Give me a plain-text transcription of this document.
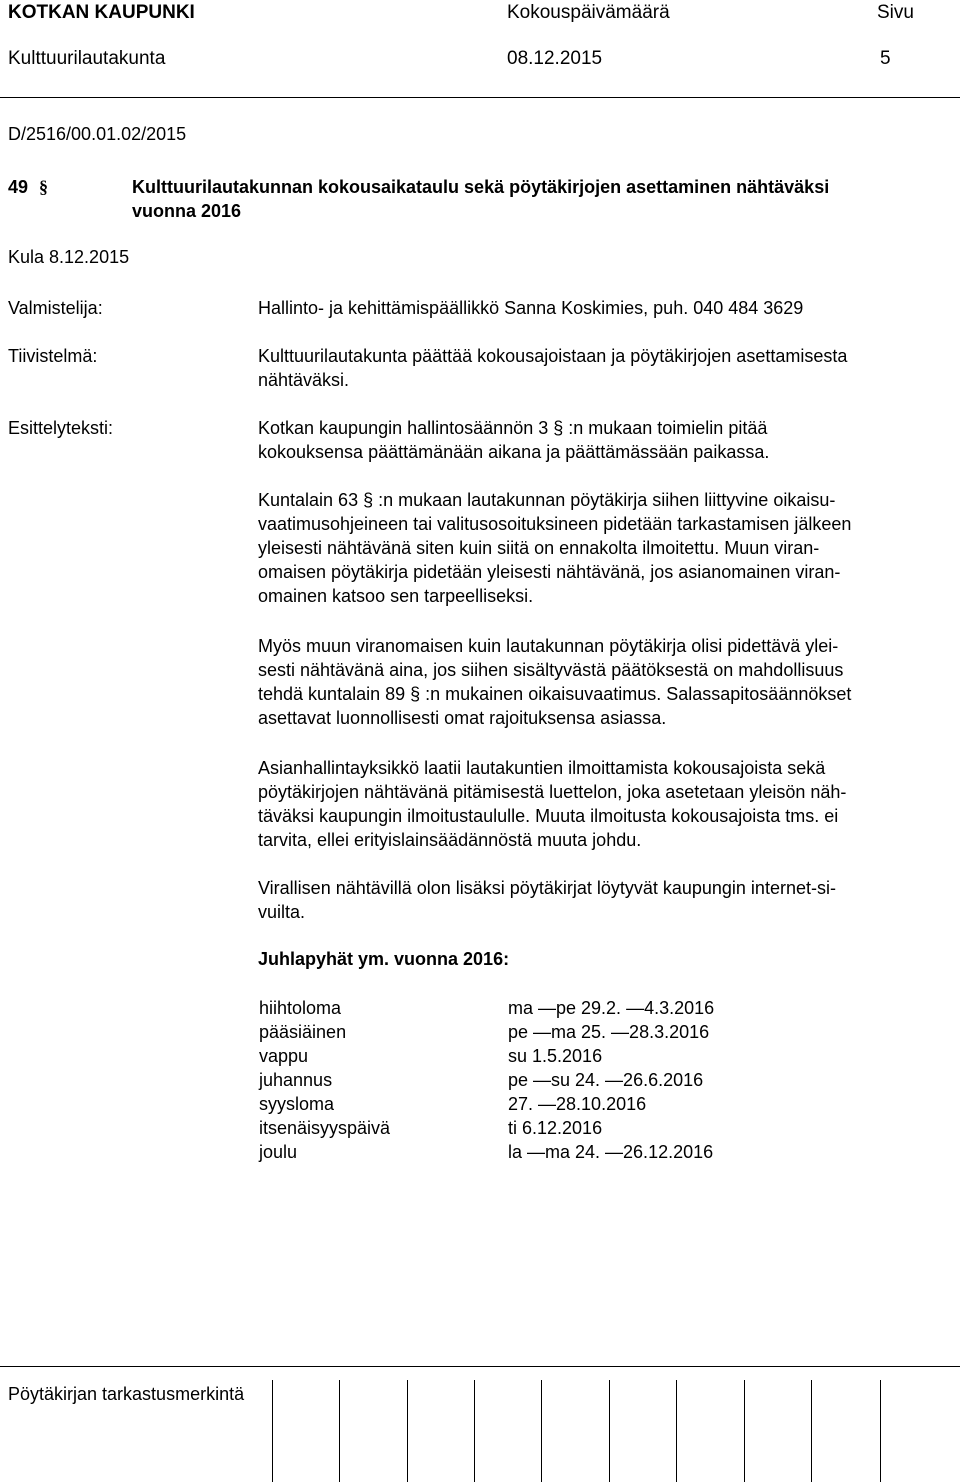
KOTKAN KAUPUNKI	Kokouspäivämäärä	Sivu
Kulttuurilautakunta	08.12.2015	5
D/2516/00.01.02/2015
49 §	Kulttuurilautakunnan kokousaikataulu sekä pöytäkirjojen asettaminen nähtäväksi
vuonna 2016
Kula 8.12.2015
Valmistelija:	Hallinto- ja kehittämispäällikkö Sanna Koskimies, puh. 040 484 3629
Tiivistelmä:	Kulttuurilautakunta päättää kokousajoistaan ja pöytäkirjojen asettamisesta
nähtäväksi.
Esittelyteksti:	Kotkan kaupungin hallintosäännön 3 § :n mukaan toimielin pitää
kokouksensa päättämänään aikana ja päättämässään paikassa.
Kuntalain 63 § :n mukaan lautakunnan pöytäkirja siihen liittyvine oikaisu-
vaatimusohjeineen tai valitusosoituksineen pidetään tarkastamisen jälkeen
yleisesti nähtävänä siten kuin siitä on ennakolta ilmoitettu. Muun viran-
omaisen pöytäkirja pidetään yleisesti nähtävänä, jos asianomainen viran-
omainen katsoo sen tarpeelliseksi.
Myös muun viranomaisen kuin lautakunnan pöytäkirja olisi pidettävä ylei-
sesti nähtävänä aina, jos siihen sisältyvästä päätöksestä on mahdollisuus
tehdä kuntalain 89 § :n mukainen oikaisuvaatimus. Salassapitosäännökset
asettavat luonnollisesti omat rajoituksensa asiassa.
Asianhallintayksikkö laatii lautakuntien ilmoittamista kokousajoista sekä
pöytäkirjojen nähtävänä pitämisestä luettelon, joka asetetaan yleisön näh-
täväksi kaupungin ilmoitustaululle. Muuta ilmoitusta kokousajoista tms. ei
tarvita, ellei erityislainsäädännöstä muuta johdu.
Virallisen nähtävillä olon lisäksi pöytäkirjat löytyvät kaupungin internet-si-
vuilta.
Juhlapyhät ym. vuonna 2016:
hiihtoloma	ma —pe 29.2. —4.3.2016
pääsiäinen	pe —ma 25. —28.3.2016
vappu	su 1.5.2016
juhannus	pe —su 24. —26.6.2016
syysloma	27. —28.10.2016
itsenäisyyspäivä	ti 6.12.2016
joulu	la —ma 24. —26.12.2016
Pöytäkirjan tarkastusmerkintä
